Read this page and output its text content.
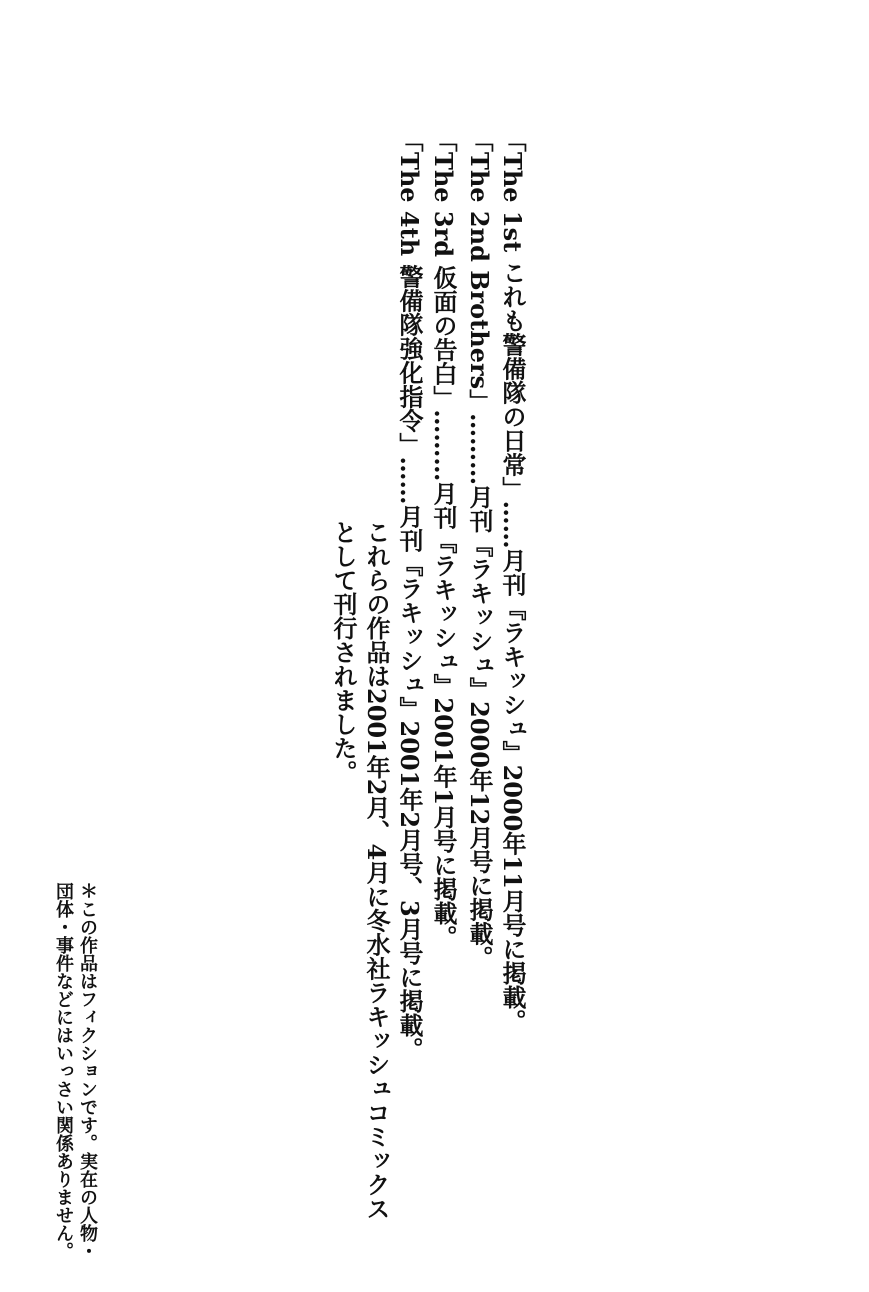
「The 1st これも警備隊の日常」……月刊『ラキッシュ』2000年11月号に掲載。

「The 2nd Brothers」………月刊『ラキッシュ』2000年12月号に掲載。

「The 3rd 仮面の告白」………月刊『ラキッシュ』2001年1月号に掲載。

「The 4th 警備隊強化指令」……月刊『ラキッシュ』2001年2月号、3月号に掲載。

これらの作品は2001年2月、4月に冬水社ラキッシュコミックス

として刊行されました。

＊この作品はフィクションです。実在の人物・

団体・事件などにはいっさい関係ありません。
